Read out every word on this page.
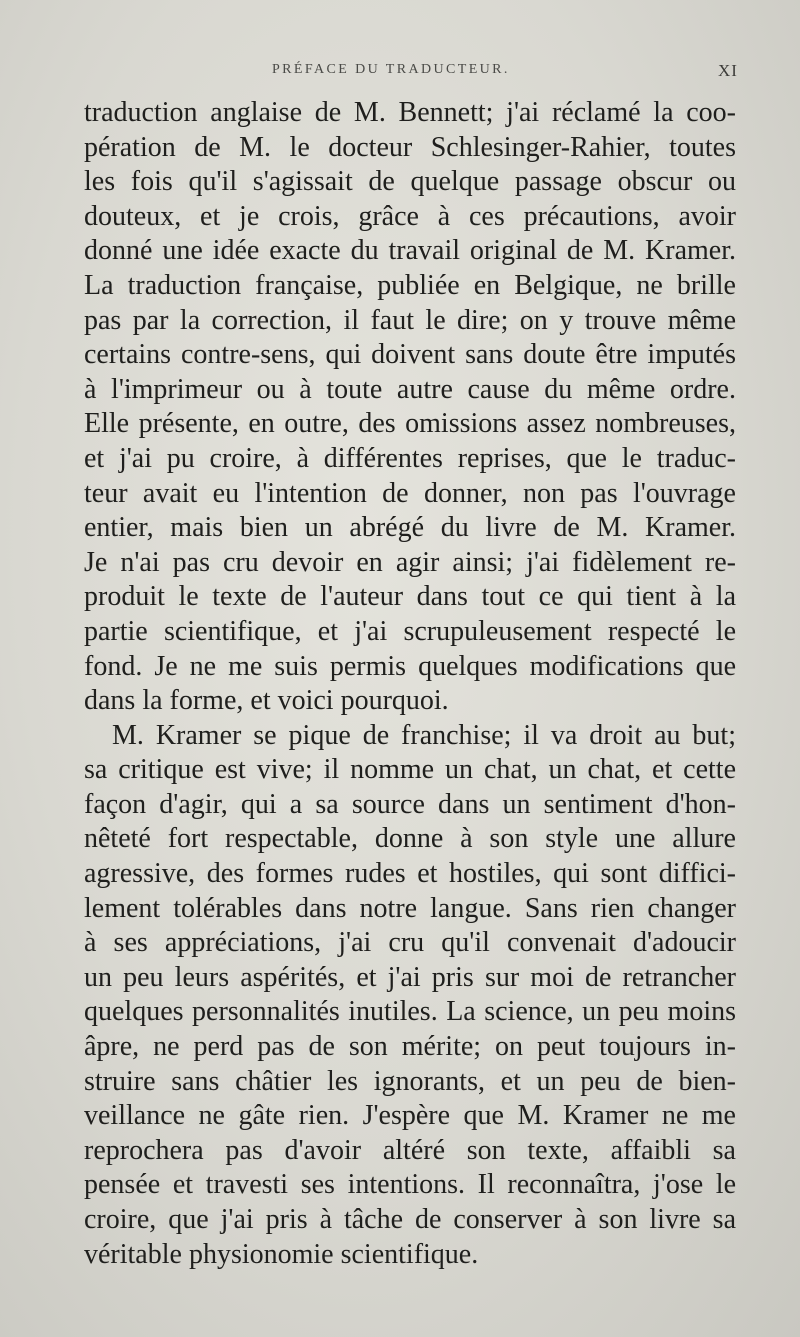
PRÉFACE DU TRADUCTEUR.	XI
traduction anglaise de M. Bennett; j'ai réclamé la coo-
pération de M. le docteur Schlesinger-Rahier, toutes
les fois qu'il s'agissait de quelque passage obscur ou
douteux, et je crois, grâce à ces précautions, avoir
donné une idée exacte du travail original de M. Kramer.
La traduction française, publiée en Belgique, ne brille
pas par la correction, il faut le dire; on y trouve même
certains contre-sens, qui doivent sans doute être imputés
à l'imprimeur ou à toute autre cause du même ordre.
Elle présente, en outre, des omissions assez nombreuses,
et j'ai pu croire, à différentes reprises, que le traduc-
teur avait eu l'intention de donner, non pas l'ouvrage
entier, mais bien un abrégé du livre de M. Kramer.
Je n'ai pas cru devoir en agir ainsi; j'ai fidèlement re-
produit le texte de l'auteur dans tout ce qui tient à la
partie scientifique, et j'ai scrupuleusement respecté le
fond. Je ne me suis permis quelques modifications que
dans la forme, et voici pourquoi.
M. Kramer se pique de franchise; il va droit au but;
sa critique est vive; il nomme un chat, un chat, et cette
façon d'agir, qui a sa source dans un sentiment d'hon-
nêteté fort respectable, donne à son style une allure
agressive, des formes rudes et hostiles, qui sont diffici-
lement tolérables dans notre langue. Sans rien changer
à ses appréciations, j'ai cru qu'il convenait d'adoucir
un peu leurs aspérités, et j'ai pris sur moi de retrancher
quelques personnalités inutiles. La science, un peu moins
âpre, ne perd pas de son mérite; on peut toujours in-
struire sans châtier les ignorants, et un peu de bien-
veillance ne gâte rien. J'espère que M. Kramer ne me
reprochera pas d'avoir altéré son texte, affaibli sa
pensée et travesti ses intentions. Il reconnaîtra, j'ose le
croire, que j'ai pris à tâche de conserver à son livre sa
véritable physionomie scientifique.
